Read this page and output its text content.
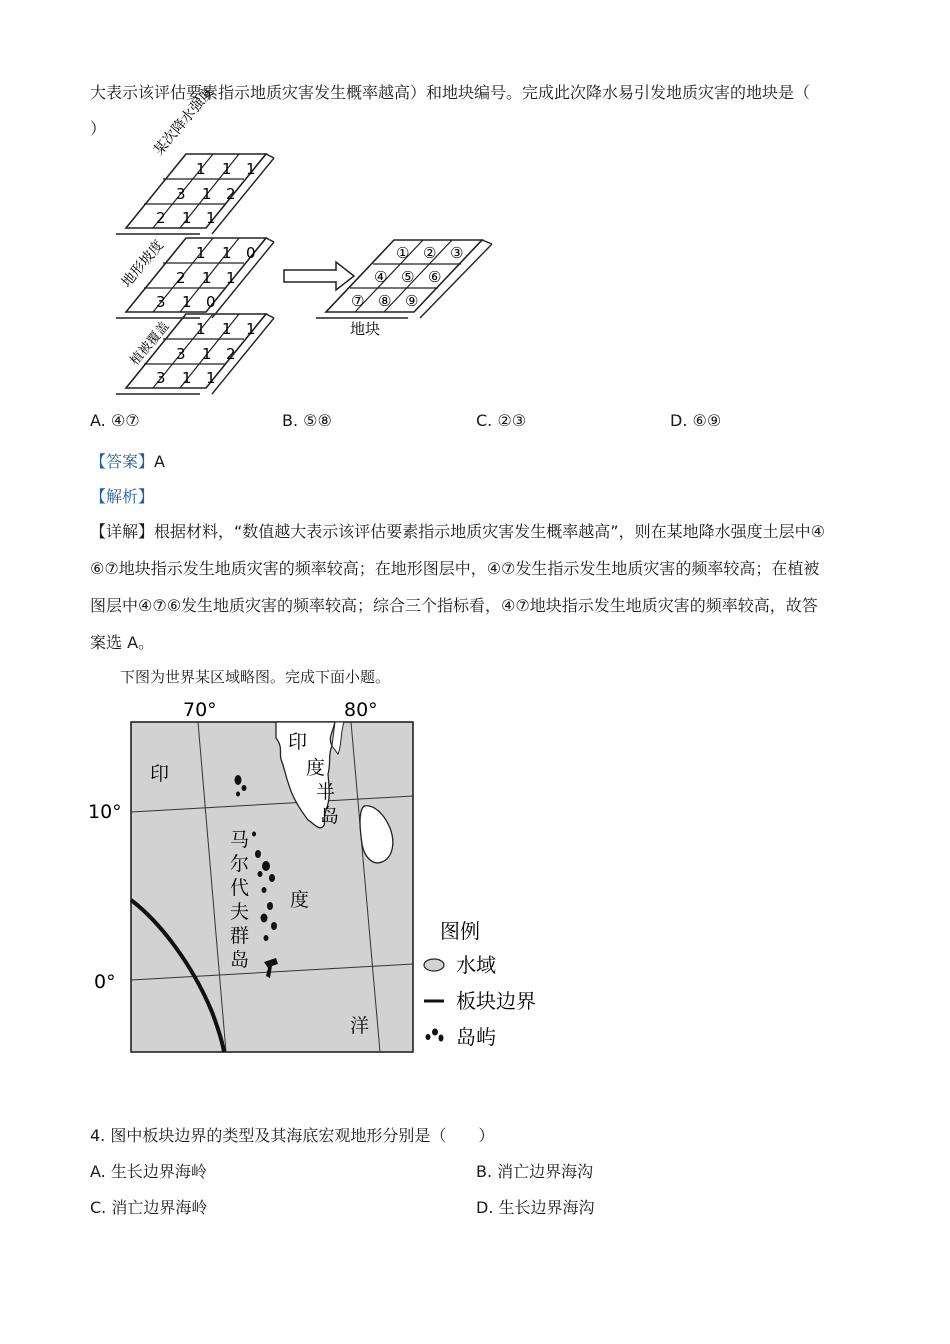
大表示该评估要素指示地质灾害发生概率越高）和地块编号。完成此次降水易引发地质灾害的地块是（
）
1 1 1
3 1 2
2 1 1
某次降水强度
1 1 0
2 1 1
3 1 0
地形坡度
1 1 1
3 1 2
3 1 1
植被覆盖
① ② ③
④ ⑤ ⑥
⑦ ⑧ ⑨
地块
A. ④⑦	B. ⑤⑧	C. ②③	D. ⑥⑨
【答案】A
【解析】
【详解】根据材料，“数值越大表示该评估要素指示地质灾害发生概率越高”，则在某地降水强度土层中④
⑥⑦地块指示发生地质灾害的频率较高；在地形图层中，④⑦发生指示发生地质灾害的频率较高；在植被
图层中④⑦⑥发生地质灾害的频率较高；综合三个指标看，④⑦地块指示发生地质灾害的频率较高，故答
案选 A。
下图为世界某区域略图。完成下面小题。
70°	80°
10°
0°
印
度
半
岛
印
度
洋
马
尔
代
夫
群
岛
图例
水域
板块边界
岛屿
4. 图中板块边界的类型及其海底宏观地形分别是（　　）
A. 生长边界海岭	B. 消亡边界海沟
C. 消亡边界海岭	D. 生长边界海沟
